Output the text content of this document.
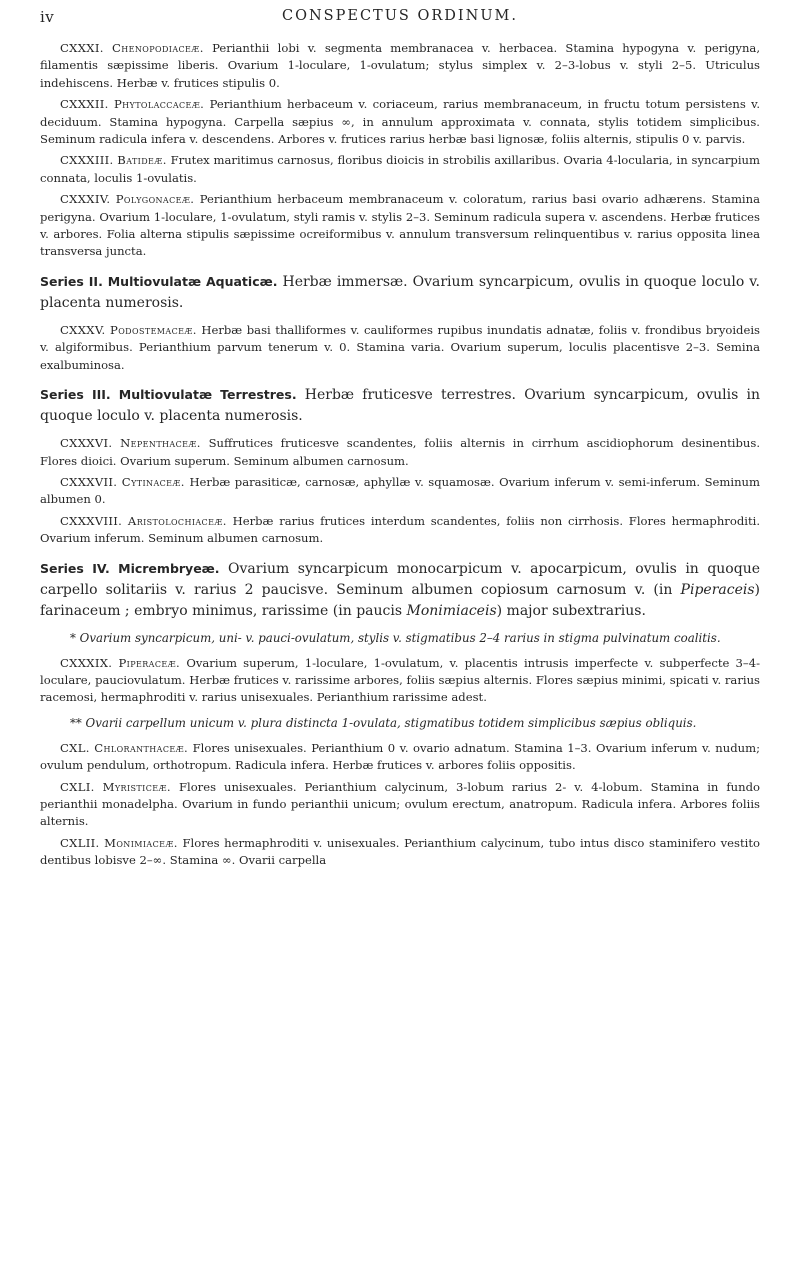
iv	CONSPECTUS ORDINUM.

CXXXI. Chenopodiaceæ. Perianthii lobi v. segmenta membranacea v. herbacea. Stamina hypogyna v. perigyna, filamentis sæpissime liberis. Ovarium 1-loculare, 1-ovulatum; stylus simplex v. 2–3-lobus v. styli 2–5. Utriculus indehiscens. Herbæ v. frutices stipulis 0.

CXXXII. Phytolaccaceæ. Perianthium herbaceum v. coriaceum, rarius membranaceum, in fructu totum persistens v. deciduum. Stamina hypogyna. Carpella sæpius ∞, in annulum approximata v. connata, stylis totidem simplicibus. Seminum radicula infera v. descendens. Arbores v. frutices rarius herbæ basi lignosæ, foliis alternis, stipulis 0 v. parvis.

CXXXIII. Batideæ. Frutex maritimus carnosus, floribus dioicis in strobilis axillaribus. Ovaria 4-locularia, in syncarpium connata, loculis 1-ovulatis.

CXXXIV. Polygonaceæ. Perianthium herbaceum membranaceum v. coloratum, rarius basi ovario adhærens. Stamina perigyna. Ovarium 1-loculare, 1-ovulatum, styli ramis v. stylis 2–3. Seminum radicula supera v. ascendens. Herbæ frutices v. arbores. Folia alterna stipulis sæpissime ocreiformibus v. annulum transversum relinquentibus v. rarius opposita linea transversa juncta.

Series II. Multiovulatæ Aquaticæ. Herbæ immersæ. Ovarium syncarpicum, ovulis in quoque loculo v. placenta numerosis.

CXXXV. Podostemaceæ. Herbæ basi thalliformes v. cauliformes rupibus inundatis adnatæ, foliis v. frondibus bryoideis v. algiformibus. Perianthium parvum tenerum v. 0. Stamina varia. Ovarium superum, loculis placentisve 2–3. Semina exalbuminosa.

Series III. Multiovulatæ Terrestres. Herbæ fruticesve terrestres. Ovarium syncarpicum, ovulis in quoque loculo v. placenta numerosis.

CXXXVI. Nepenthaceæ. Suffrutices fruticesve scandentes, foliis alternis in cirrhum ascidiophorum desinentibus. Flores dioici. Ovarium superum. Seminum albumen carnosum.

CXXXVII. Cytinaceæ. Herbæ parasiticæ, carnosæ, aphyllæ v. squamosæ. Ovarium inferum v. semi-inferum. Seminum albumen 0.

CXXXVIII. Aristolochiaceæ. Herbæ rarius frutices interdum scandentes, foliis non cirrhosis. Flores hermaphroditi. Ovarium inferum. Seminum albumen carnosum.

Series IV. Micrembryeæ. Ovarium syncarpicum monocarpicum v. apocarpicum, ovulis in quoque carpello solitariis v. rarius 2 paucisve. Seminum albumen copiosum carnosum v. (in Piperaceis) farinaceum ; embryo minimus, rarissime (in paucis Monimiaceis) major subextrarius.

* Ovarium syncarpicum, uni- v. pauci-ovulatum, stylis v. stigmatibus 2–4 rarius in stigma pulvinatum coalitis.

CXXXIX. Piperaceæ. Ovarium superum, 1-loculare, 1-ovulatum, v. placentis intrusis imperfecte v. subperfecte 3–4-loculare, pauciovulatum. Herbæ frutices v. rarissime arbores, foliis sæpius alternis. Flores sæpius minimi, spicati v. rarius racemosi, hermaphroditi v. rarius unisexuales. Perianthium rarissime adest.

** Ovarii carpellum unicum v. plura distincta 1-ovulata, stigmatibus totidem simplicibus sæpius obliquis.

CXL. Chloranthaceæ. Flores unisexuales. Perianthium 0 v. ovario adnatum. Stamina 1–3. Ovarium inferum v. nudum; ovulum pendulum, orthotropum. Radicula infera. Herbæ frutices v. arbores foliis oppositis.

CXLI. Myristiceæ. Flores unisexuales. Perianthium calycinum, 3-lobum rarius 2- v. 4-lobum. Stamina in fundo perianthii monadelpha. Ovarium in fundo perianthii unicum; ovulum erectum, anatropum. Radicula infera. Arbores foliis alternis.

CXLII. Monimiaceæ. Flores hermaphroditi v. unisexuales. Perianthium calycinum, tubo intus disco staminifero vestito dentibus lobisve 2–∞. Stamina ∞. Ovarii carpella
